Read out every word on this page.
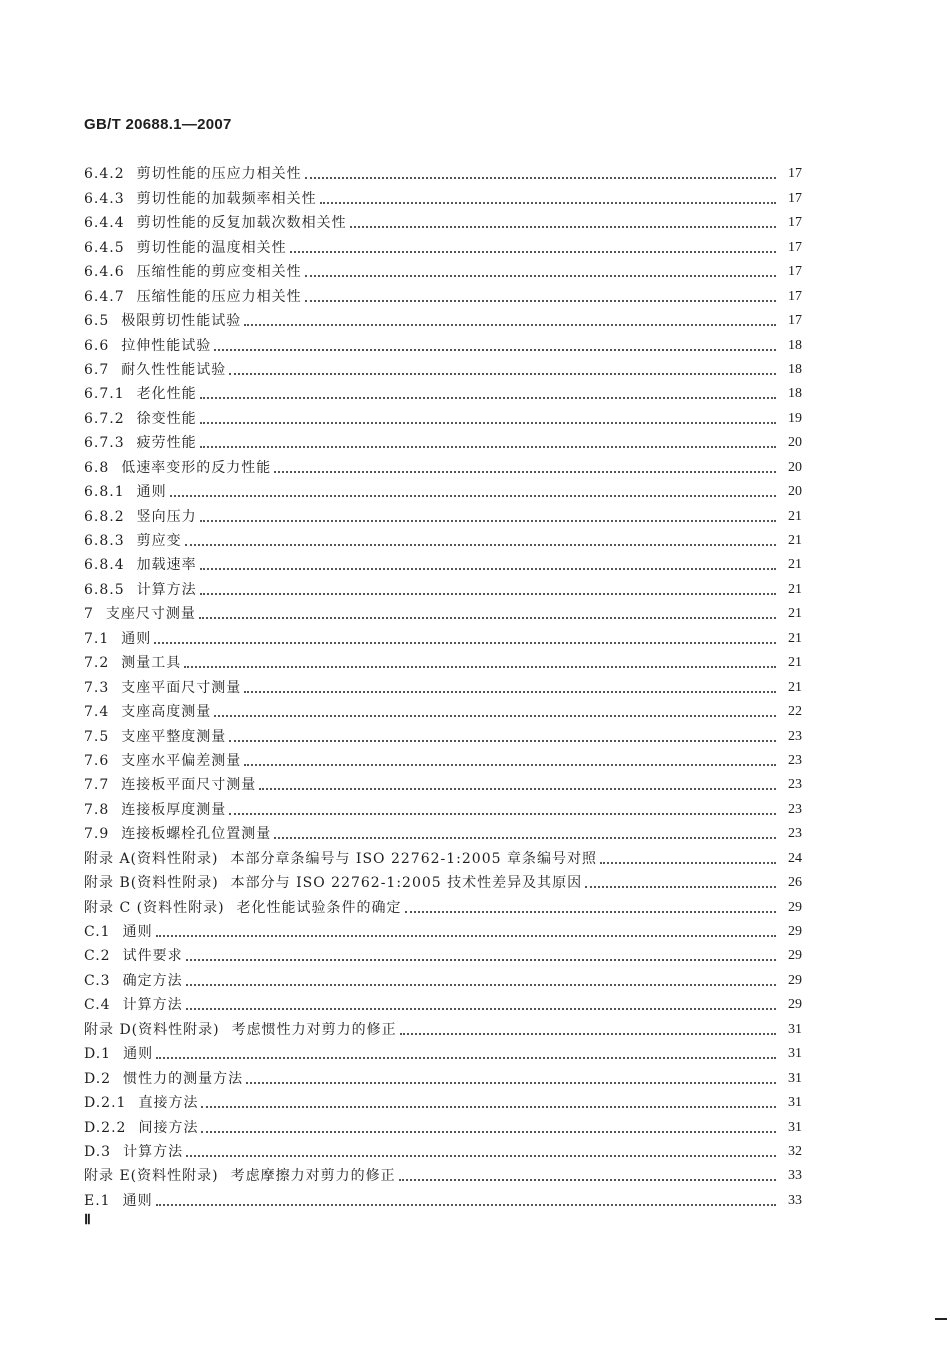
GB/T 20688.1—2007
6.4.2 剪切性能的压应力相关性	17
6.4.3 剪切性能的加载频率相关性	17
6.4.4 剪切性能的反复加载次数相关性	17
6.4.5 剪切性能的温度相关性	17
6.4.6 压缩性能的剪应变相关性	17
6.4.7 压缩性能的压应力相关性	17
6.5 极限剪切性能试验	17
6.6 拉伸性能试验	18
6.7 耐久性性能试验	18
6.7.1 老化性能	18
6.7.2 徐变性能	19
6.7.3 疲劳性能	20
6.8 低速率变形的反力性能	20
6.8.1 通则	20
6.8.2 竖向压力	21
6.8.3 剪应变	21
6.8.4 加载速率	21
6.8.5 计算方法	21
7 支座尺寸测量	21
7.1 通则	21
7.2 测量工具	21
7.3 支座平面尺寸测量	21
7.4 支座高度测量	22
7.5 支座平整度测量	23
7.6 支座水平偏差测量	23
7.7 连接板平面尺寸测量	23
7.8 连接板厚度测量	23
7.9 连接板螺栓孔位置测量	23
附录 A(资料性附录) 本部分章条编号与 ISO 22762-1:2005 章条编号对照	24
附录 B(资料性附录) 本部分与 ISO 22762-1:2005 技术性差异及其原因	26
附录 C (资料性附录) 老化性能试验条件的确定	29
C.1 通则	29
C.2 试件要求	29
C.3 确定方法	29
C.4 计算方法	29
附录 D(资料性附录) 考虑惯性力对剪力的修正	31
D.1 通则	31
D.2 惯性力的测量方法	31
D.2.1 直接方法	31
D.2.2 间接方法	31
D.3 计算方法	32
附录 E(资料性附录) 考虑摩擦力对剪力的修正	33
E.1 通则	33
Ⅱ
